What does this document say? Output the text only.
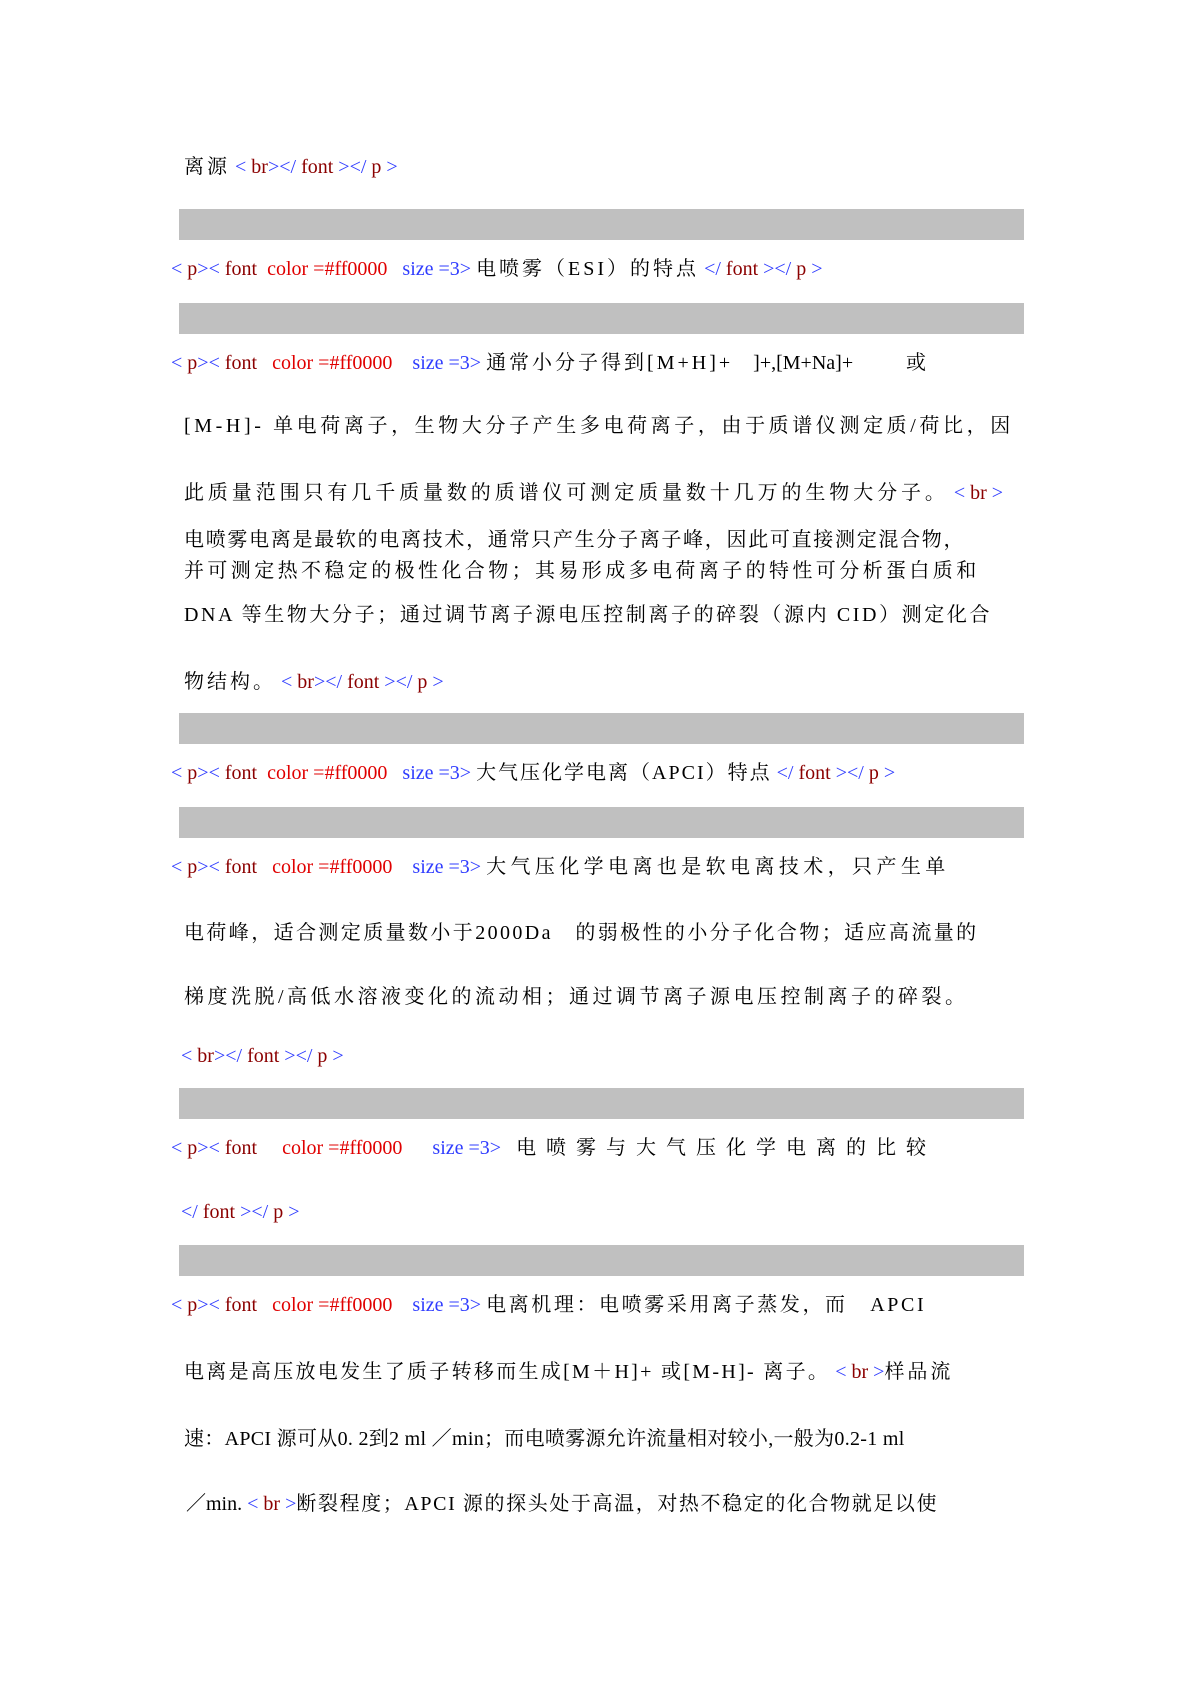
离源 < br></ font ></ p >
< p>< font color =#ff0000 size =3> 电喷雾（ESI）的特点 </ font ></ p >
< p>< font color =#ff0000 size =3> 通常小分子得到[M+H]+ ]+,[M+Na]+	或
[M-H]- 单电荷离子，生物大分子产生多电荷离子，由于质谱仪测定质/荷比，因
此质量范围只有几千质量数的质谱仪可测定质量数十几万的生物大分子。 < br >
电喷雾电离是最软的电离技术，通常只产生分子离子峰，因此可直接测定混合物，
并可测定热不稳定的极性化合物；其易形成多电荷离子的特性可分析蛋白质和
DNA 等生物大分子；通过调节离子源电压控制离子的碎裂（源内 CID）测定化合
物结构。 < br></ font ></ p >
< p>< font color =#ff0000 size =3> 大气压化学电离（APCI）特点 </ font ></ p >
< p>< font color =#ff0000 size =3> 大气压化学电离也是软电离技术，只产生单
电荷峰，适合测定质量数小于2000Da　的弱极性的小分子化合物；适应高流量的
梯度洗脱/高低水溶液变化的流动相；通过调节离子源电压控制离子的碎裂。
< br></ font ></ p >
< p>< font color =#ff0000 size =3> 电 喷 雾 与 大 气 压 化 学 电 离 的 比 较
</ font ></ p >
< p>< font color =#ff0000 size =3> 电离机理：电喷雾采用离子蒸发，而　APCI
电离是高压放电发生了质子转移而生成[M＋H]+ 或[M-H]- 离子。 < br >样品流
速：APCI 源可从0. 2到2 ml ／min；而电喷雾源允许流量相对较小,一般为0.2-1 ml
／min. < br >断裂程度；APCI 源的探头处于高温，对热不稳定的化合物就足以使
